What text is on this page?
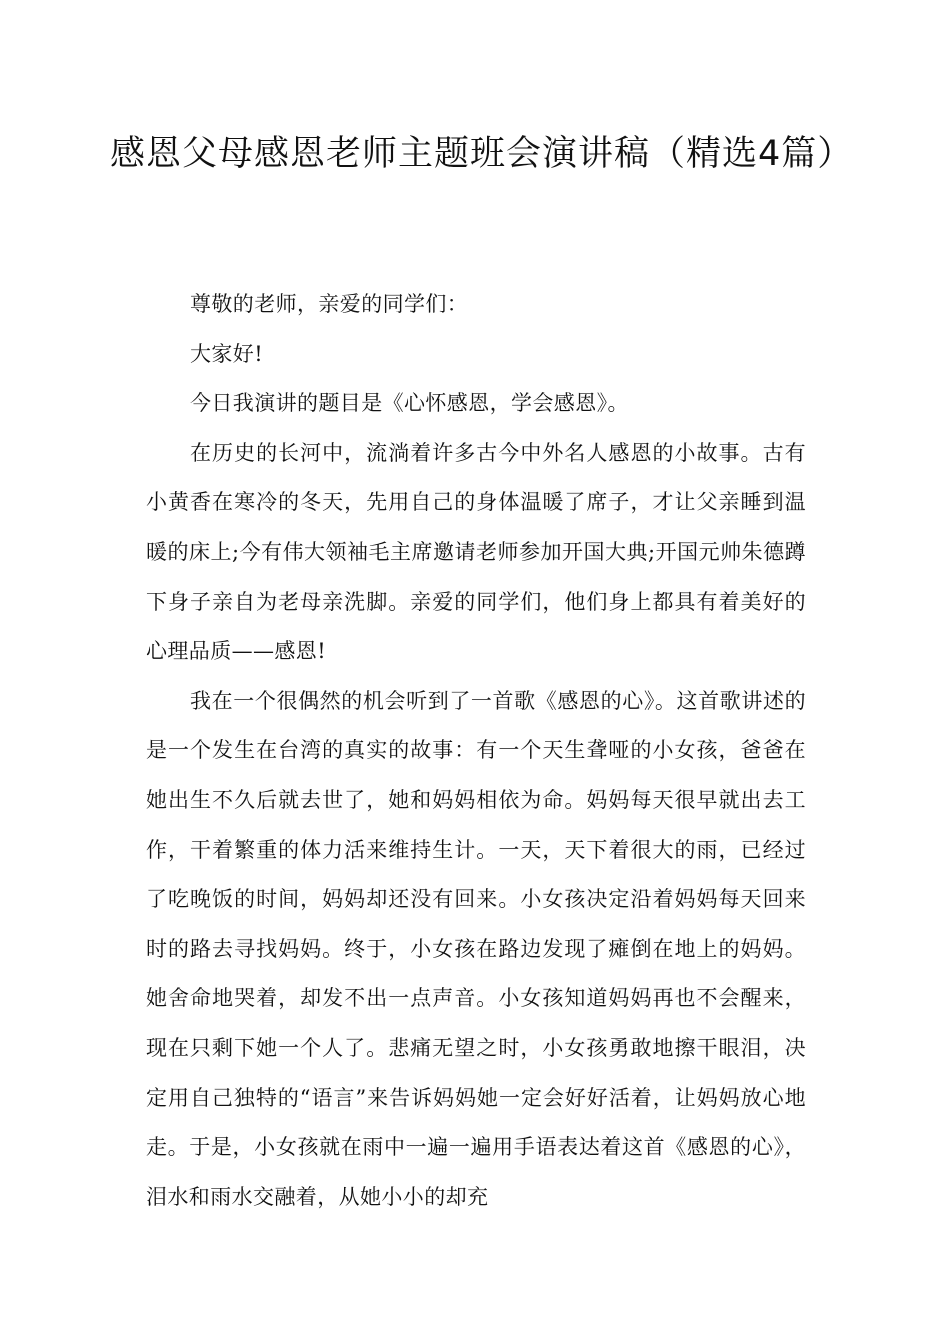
感恩父母感恩老师主题班会演讲稿（精选4篇）

尊敬的老师，亲爱的同学们：

大家好!

今日我演讲的题目是《心怀感恩，学会感恩》。

在历史的长河中，流淌着许多古今中外名人感恩的小故事。古有小黄香在寒冷的冬天，先用自己的身体温暖了席子，才让父亲睡到温暖的床上;今有伟大领袖毛主席邀请老师参加开国大典;开国元帅朱德蹲下身子亲自为老母亲洗脚。亲爱的同学们，他们身上都具有着美好的心理品质——感恩!

我在一个很偶然的机会听到了一首歌《感恩的心》。这首歌讲述的是一个发生在台湾的真实的故事：有一个天生聋哑的小女孩，爸爸在她出生不久后就去世了，她和妈妈相依为命。妈妈每天很早就出去工作，干着繁重的体力活来维持生计。一天，天下着很大的雨，已经过了吃晚饭的时间，妈妈却还没有回来。小女孩决定沿着妈妈每天回来时的路去寻找妈妈。终于，小女孩在路边发现了瘫倒在地上的妈妈。她舍命地哭着，却发不出一点声音。小女孩知道妈妈再也不会醒来，现在只剩下她一个人了。悲痛无望之时，小女孩勇敢地擦干眼泪，决定用自己独特的“语言”来告诉妈妈她一定会好好活着，让妈妈放心地走。于是，小女孩就在雨中一遍一遍用手语表达着这首《感恩的心》，泪水和雨水交融着，从她小小的却充
